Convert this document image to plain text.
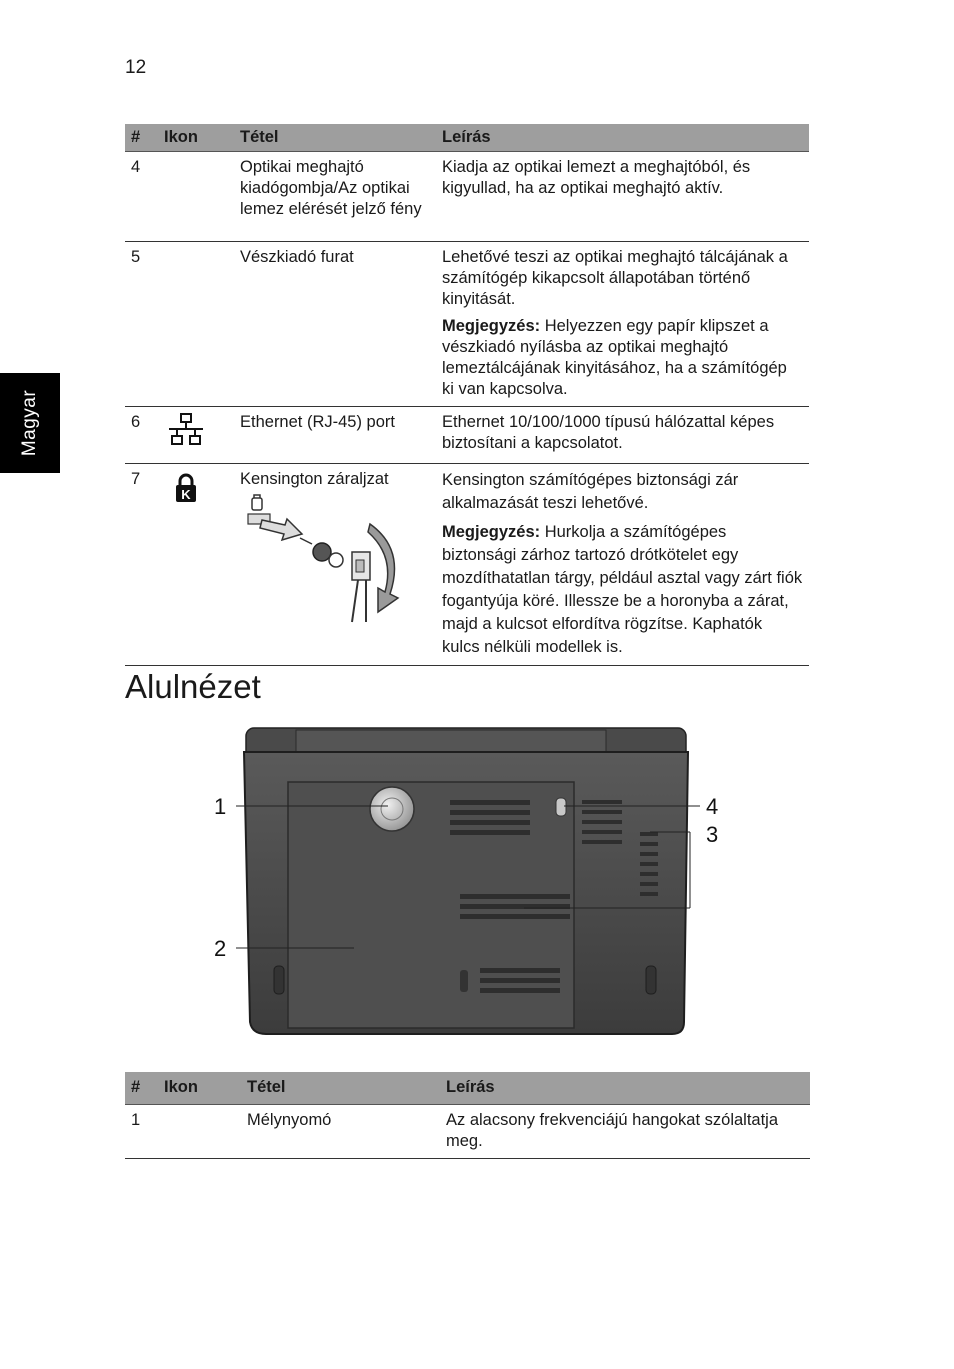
12
Magyar
#	Ikon	Tétel	Leírás
4		Optikai meghajtó kiadógombja/Az optikai lemez elérését jelző fény	Kiadja az optikai lemezt a meghajtóból, és kigyullad, ha az optikai meghajtó aktív.

5		Vészkiadó furat	Lehetővé teszi az optikai meghajtó tálcájának a számítógép kikapcsolt állapotában történő kinyitását.

Megjegyzés: Helyezzen egy papír klipszet a vészkiadó nyílásba az optikai meghajtó lemeztálcájának kinyitásához, ha a számítógép ki van kapcsolva.

6		Ethernet (RJ-45) port	Ethernet 10/100/1000 típusú hálózattal képes biztosítani a kapcsolatot.

7	K	Kensington záraljzat	Kensington számítógépes biztonsági zár alkalmazását teszi lehetővé.

Megjegyzés: Hurkolja a számítógépes biztonsági zárhoz tartozó drótkötelet egy mozdíthatatlan tárgy, például asztal vagy zárt fiók fogantyúja köré. Illessze be a horonyba a zárat, majd a kulcsot elfordítva rögzítse. Kaphatók kulcs nélküli modellek is.

Alulnézet
1
2
3
4
#	Ikon	Tétel	Leírás
1		Mélynyomó	Az alacsony frekvenciájú hangokat szólaltatja meg.
